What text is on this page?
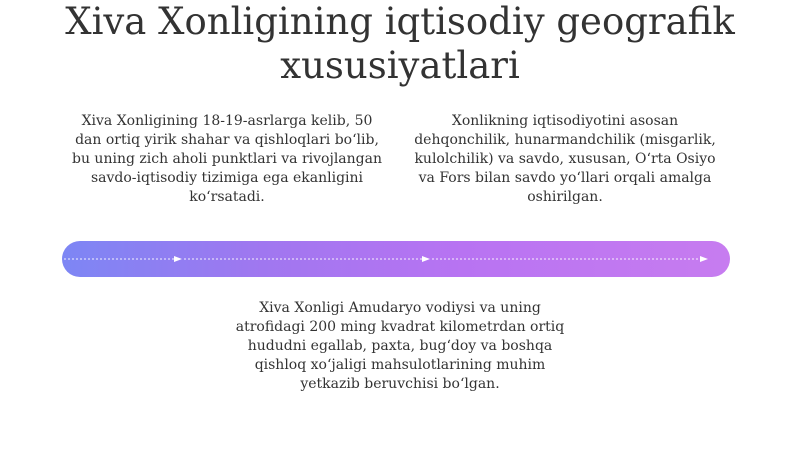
Xiva Xonligining iqtisodiy geografik xususiyatlari

Xiva Xonligining 18-19-asrlarga kelib, 50 dan ortiq yirik shahar va qishloqlari bo‘lib, bu uning zich aholi punktlari va rivojlangan savdo-iqtisodiy tizimiga ega ekanligini ko‘rsatadi.

Xonlikning iqtisodiyotini asosan dehqonchilik, hunarmandchilik (misgarlik, kulolchilik) va savdo, xususan, O‘rta Osiyo va Fors bilan savdo yo‘llari orqali amalga oshirilgan.

Xiva Xonligi Amudaryo vodiysi va uning atrofidagi 200 ming kvadrat kilometrdan ortiq hududni egallab, paxta, bug‘doy va boshqa qishloq xo‘jaligi mahsulotlarining muhim yetkazib beruvchisi bo‘lgan.
